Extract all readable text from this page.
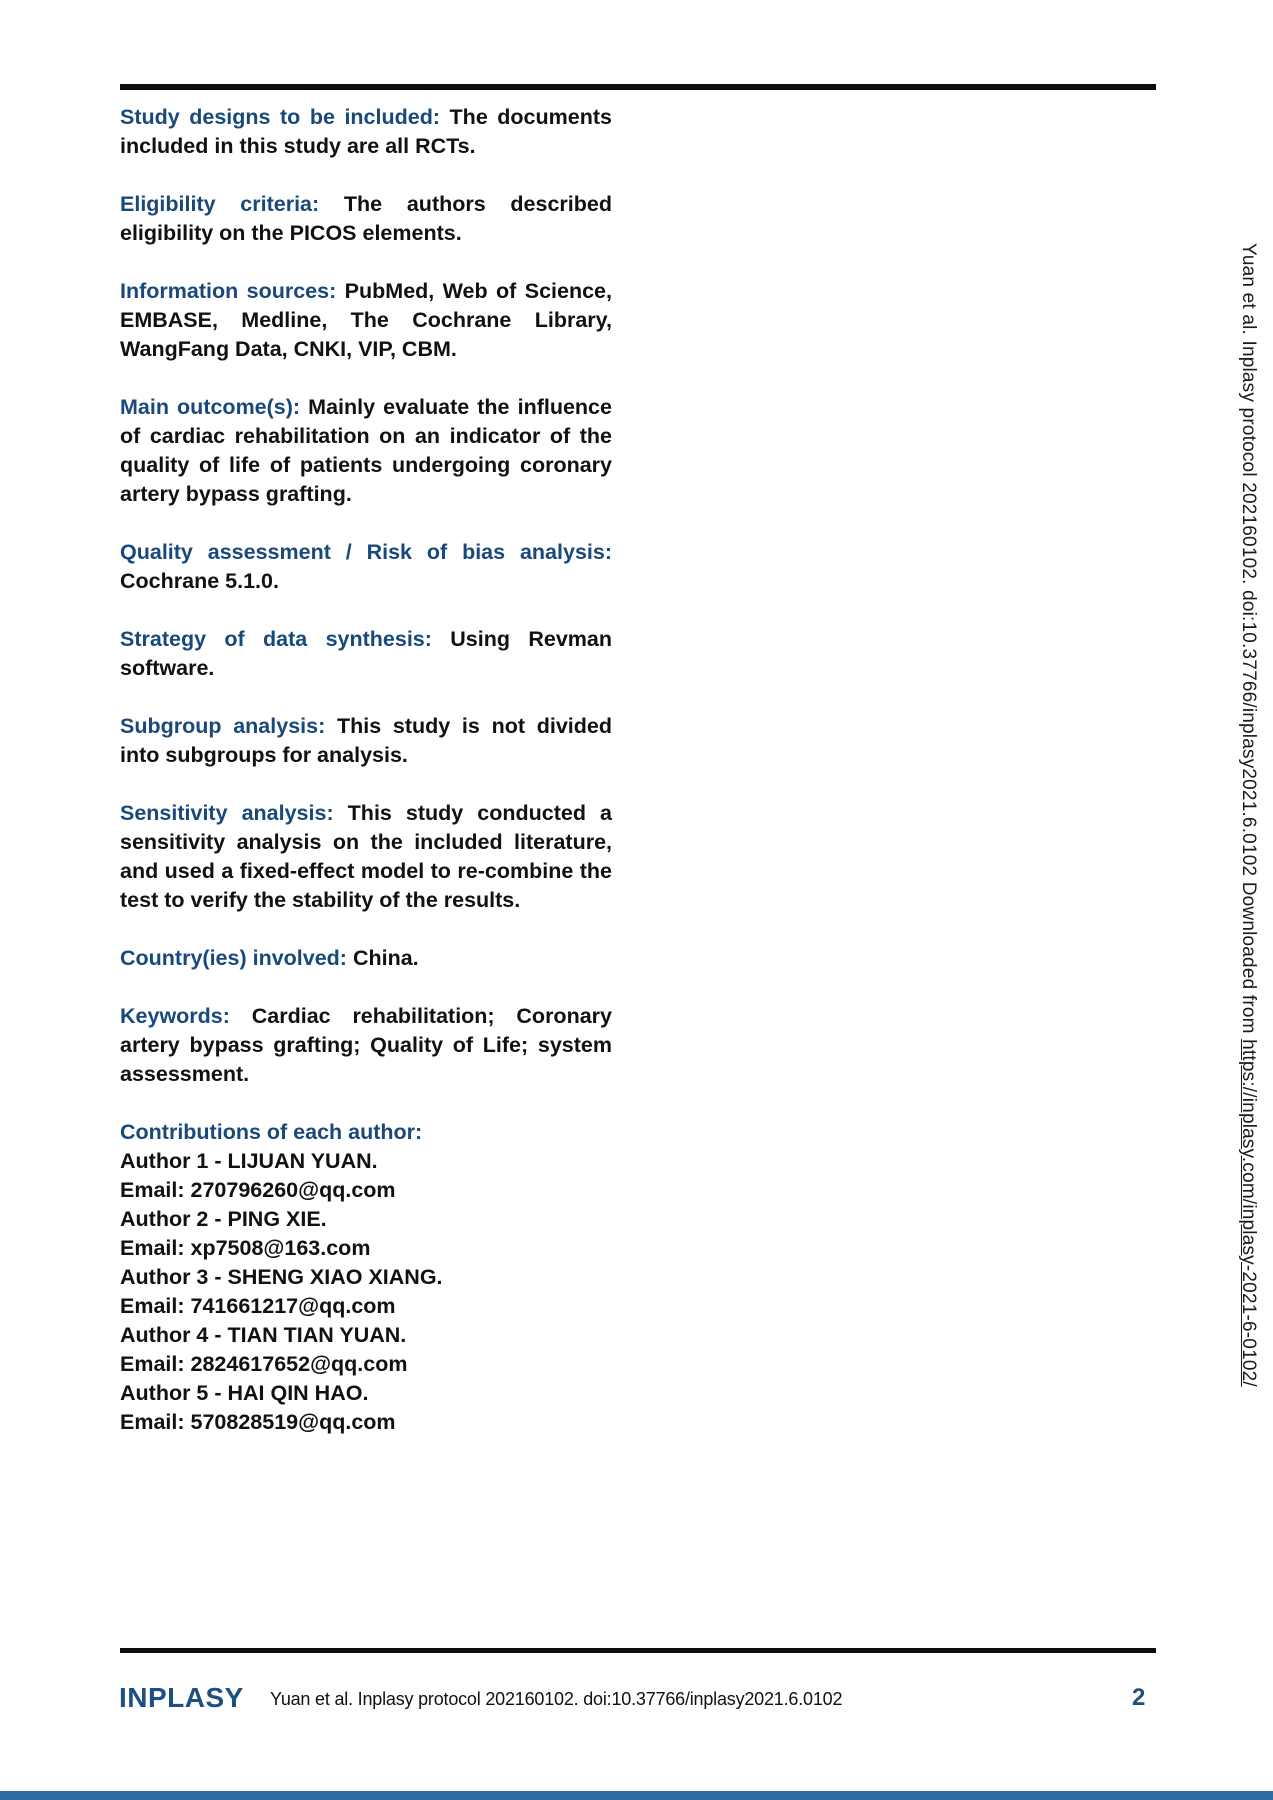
Study designs to be included: The documents included in this study are all RCTs.

Eligibility criteria: The authors described eligibility on the PICOS elements.

Information sources: PubMed, Web of Science, EMBASE, Medline, The Cochrane Library, WangFang Data, CNKI, VIP, CBM.

Main outcome(s): Mainly evaluate the influence of cardiac rehabilitation on an indicator of the quality of life of patients undergoing coronary artery bypass grafting.

Quality assessment / Risk of bias analysis: Cochrane 5.1.0.

Strategy of data synthesis: Using Revman software.

Subgroup analysis: This study is not divided into subgroups for analysis.

Sensitivity analysis: This study conducted a sensitivity analysis on the included literature, and used a fixed-effect model to re-combine the test to verify the stability of the results.

Country(ies) involved: China.

Keywords: Cardiac rehabilitation; Coronary artery bypass grafting; Quality of Life; system assessment.

Contributions of each author:
Author 1 - LIJUAN YUAN.
Email: 270796260@qq.com
Author 2 - PING XIE.
Email: xp7508@163.com
Author 3 - SHENG XIAO XIANG.
Email: 741661217@qq.com
Author 4 - TIAN TIAN YUAN.
Email: 2824617652@qq.com
Author 5 - HAI QIN HAO.
Email: 570828519@qq.com
Yuan et al. Inplasy protocol 202160102. doi:10.37766/inplasy2021.6.0102 Downloaded from https://inplasy.com/inplasy-2021-6-0102/
INPLASY Yuan et al. Inplasy protocol 202160102. doi:10.37766/inplasy2021.6.0102	2
